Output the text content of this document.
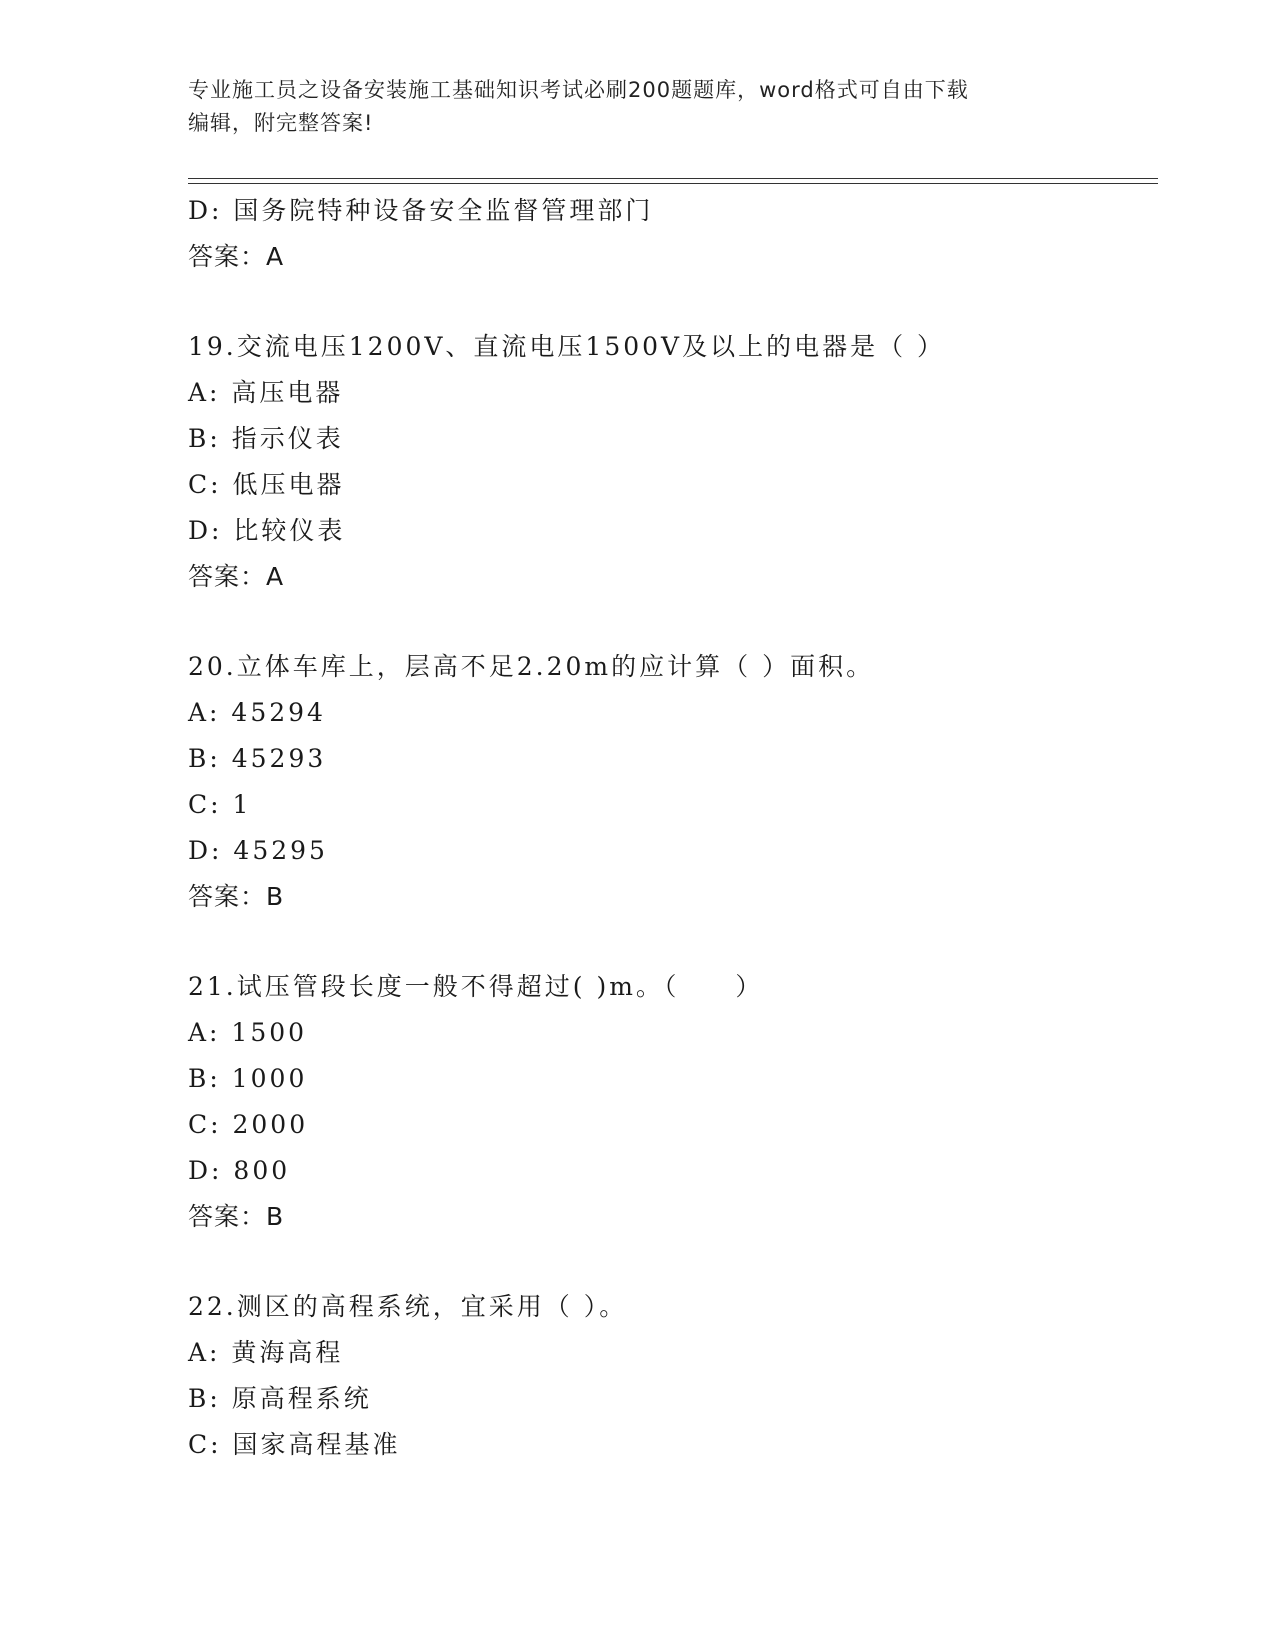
专业施工员之设备安装施工基础知识考试必刷200题题库，word格式可自由下载
编辑，附完整答案!
D: 国务院特种设备安全监督管理部门
答案：A
19.交流电压1200V、直流电压1500V及以上的电器是（ ）
A: 高压电器
B: 指示仪表
C: 低压电器
D: 比较仪表
答案：A
20.立体车库上，层高不足2.20m的应计算（ ）面积。
A: 45294
B: 45293
C: 1
D: 45295
答案：B
21.试压管段长度一般不得超过( )m。（　　）
A: 1500
B: 1000
C: 2000
D: 800
答案：B
22.测区的高程系统，宜采用（ ）。
A: 黄海高程
B: 原高程系统
C: 国家高程基准
